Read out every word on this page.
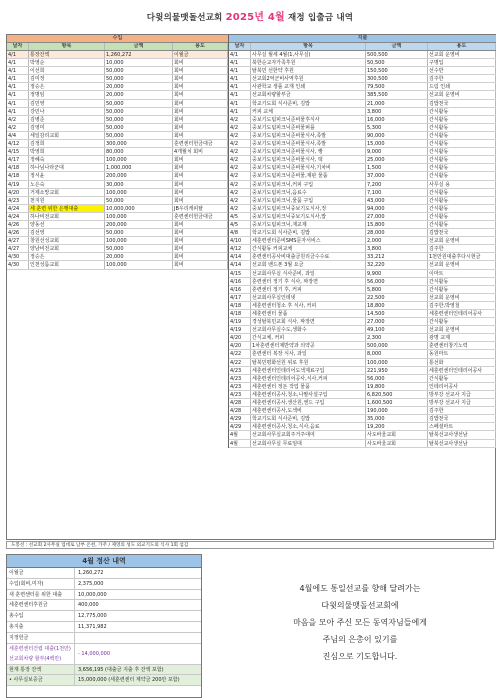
다윗의물맷돌선교회 2025년 4월 재정 입출금 내역
수입
날자	항목	금액	용도
4/1	통장잔액	1,260,272	이월금
4/1	박영순	10,000	회비
4/1	이선희	50,000	회비
4/1	김미정	50,000	회비
4/1	정승은	20,000	회비
4/1	정명임	20,000	회비
4/1	김민영	50,000	회비
4/1	강민나	50,000	회비
4/2	김병준	50,000	회비
4/2	김영미	50,000	회비
4/4	세일감리교회	50,000	회비
4/12	김정희	300,000	훈련센터헌금대금
4/15	박영희	80,000	4개월치 회비
4/17	정혜숙	100,000	회비
4/18	하나님나라군대	1,000,000	회비
4/18	정서윤	200,000	회비
4/19	노은숙	30,000	회비
4/20	거제소망교회	100,000	회비
4/23	천지원	50,000	회비
4/24	세 훈련 위한 은행대출	10,000,000	JB우리캐피탈
4/24	하나비전교회	100,000	훈련센터헌금대금
4/26	양동선	200,000	회비
4/26	김선영	50,000	회비
4/27	창원선성교회	100,000	회비
4/27	양남비전교회	50,000	회비
4/30	정승은	20,000	회비
4/30	인천성룸교회	100,000	회비
지출
날자	항목	금액	용도
4/1	사무실 월세 4월(1,사무실)	500,500	선교회 운영비
4/1	북한순교자가족후원	50,500	구명입
4/1	탈북민 선한약 후원	150,500	선수반
4/1	선교회2억군비사역후원	300,500	김주한
4/1	사관학교 생플 교재 인쇄	79,500	드림 인쇄
4/1	선교회차량할부금	385,500	선교회 운영비
4/1	학교기도회 식사준비, 김밥	21,000	김밥천국
4/1	커피 교체	3,800	간식활동
4/2	중보기도팀피크닉준비물후식사	16,000	간식활동
4/2	중보기도팀피크닉준비물퍼플	5,300	간식활동
4/2	중보기도팀피크닉준비물식사,족발	90,000	간식활동
4/2	중보기도팀피크닉준비물식사,족발	15,000	간식활동
4/2	중보기도팀피크닉준비물식사, 빵	9,000	간식활동
4/2	중보기도팀피크닉준비물식사, 떡	25,000	간식활동
4/2	중보기도팀피크닉준비물식사,기차비	1,500	간식활동
4/2	중보기도팀피크닉준비물,제판 물품	37,000	간식활동
4/2	중보기도팀피크닉,커피 구입	7,200	사무실 용
4/2	중보기도팀피크닉,음료수	7,100	간식활동
4/2	중보기도팀피크닉,물품 구입	43,000	간식활동
4/2	중보기도팀피크닉중보기도식사,정	94,000	간식활동
4/5	중보기도팀피크닉중보기도식사,밥	27,000	간식활동
4/5	중보기도팀피크닉,재교제	15,800	간식활동
4/8	학교기도회 식사준비, 김밥	28,000	김밥천국
4/10	세훈련센터준비SMS문자서비스	2,000	선교회 운영비
4/12	간식활동 커피교체	3,800	김주한
4/14	훈련센터공사비대출금원리금수수료	33,212	1천만원대출후다시현금
4/14	선교회 밴드폰 3월 요금	32,220	선교회 운영비
4/15	선교회사무실 식사준비, 과일	9,900	이마트
4/16	훈련센터 정기 후 식사, 짜장면	56,000	간식활동
4/16	훈련센터 정기 후, 커피	5,800	간식활동
4/17	선교회사무실인테넷	22,500	선교회 운영비
4/18	세훈련센터청소 후 식사, 커피	18,800	김주한,박영철
4/18	세훈련센터 물품	14,500	세훈련센터인테리어공사
4/19	경성탈북민교회 식사, 짜장면	27,000	간식활동
4/19	선교회사무실수도,생화수	49,100	선교회 운영비
4/20	간식교체, 커피	2,300	광명 교제
4/20	1차훈련센터제반약과 의약공	500,000	훈련센터창기노력
4/22	훈련센터 복장 식사, 과일	8,000	동원마트
4/22	탈북민평화선원 위로 후원	100,000	통선화
4/23	세훈련센터인테리어도색제료구입	221,950	세훈련센터인테리어공사
4/23	세훈련센터인테리어공사,식사,커피	56,000	간식활동
4/23	세훈련센터 정돈 작업 물품	19,800	인테리어공사
4/23	세훈련센터공사,청소,나팔사설구입	6,820,500	방부강 선교사 지급
4/28	세훈련센터공사,생산원,앤드 구입	1,600,500	방부강 선교사 지급
4/28	세훈련센터공사,도색비	190,000	김주한
4/29	학교기도회 식사준비, 김밥	35,000	김밥천국
4/29	세훈련센터공사,청소,식사,음료	19,200	스페셜마트
4월	선교회사무실교회주거주대여	사도바울교회	탈북선교사생선남
4월	선교회사무실 무료임대	사도바울교회	탈북선교사생선남
도봉선 : 선교회 2사무실 업데로 남부 온천, 가주 / 제영의 성도 외교기도외 식사 1회 섬김
4월 정산 내역
이월금	1,260,272
수입(회비,미자)	2,375,000
새 훈련센터를 위한 대출	10,000,000
세훈련센터후원금	400,000
총수입	12,775,000
총지출	11,371,982
지정헌금
세훈련센터건립 대출(1천만)
선교회차량 할부(4백만)
- 14,000,000
현재 통장 잔액	3,656,195 (대출금 지출 후 잔액 포함)
• 사무실보증금	15,000,000 (세훈련센터 계약금 200만 포함)
4월에도 통일선교를 향해 달려가는
다윗의물맷돌선교회에
마음을 모아 주신 모든 동역자님들에게
주님의 은총이 있기를
진심으로 기도합니다.
